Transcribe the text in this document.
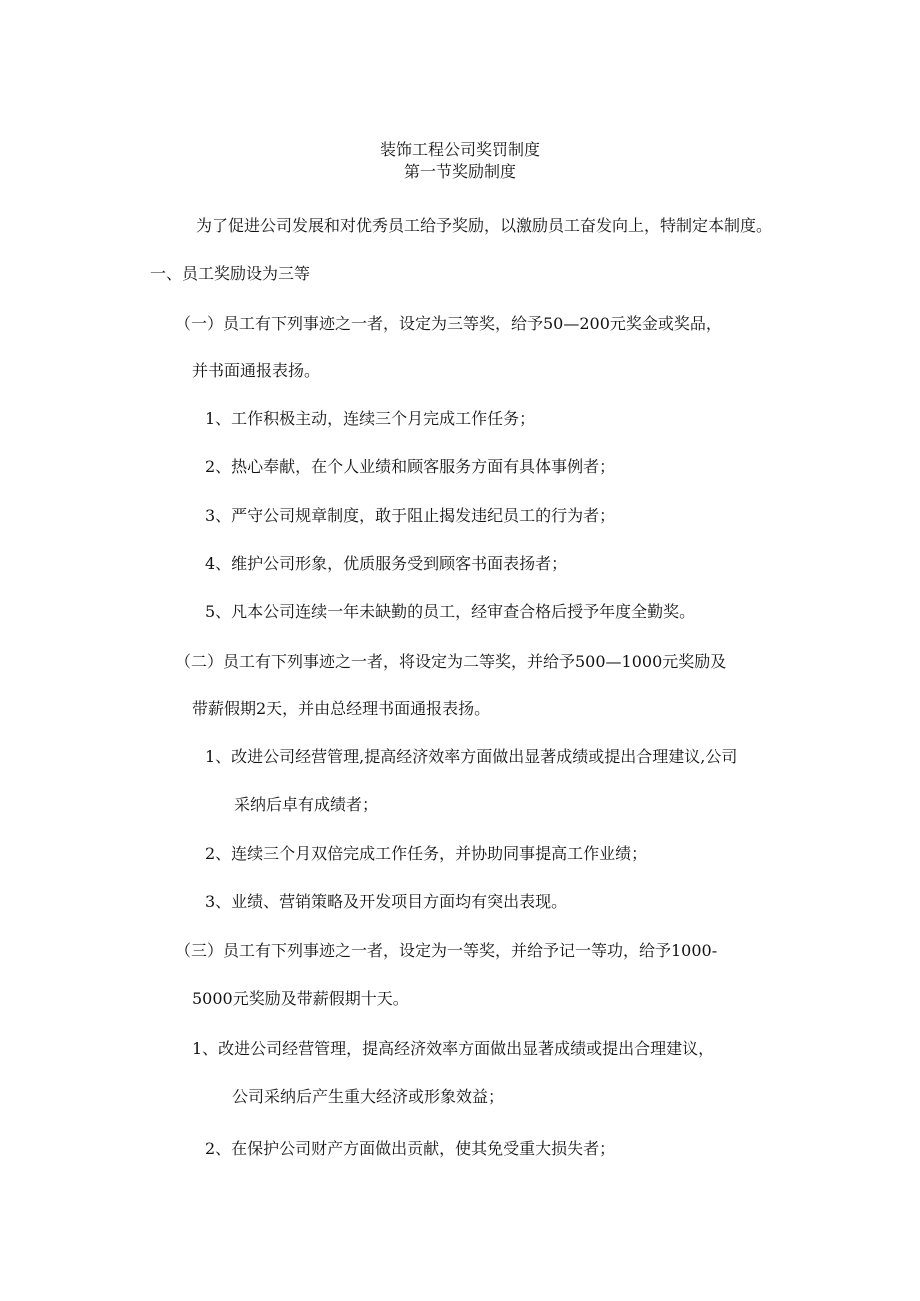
装饰工程公司奖罚制度
第一节奖励制度
为了促进公司发展和对优秀员工给予奖励，以激励员工奋发向上，特制定本制度。
一、员工奖励设为三等
（一）员工有下列事迹之一者，设定为三等奖，给予50—200元奖金或奖品，
并书面通报表扬。
1、工作积极主动，连续三个月完成工作任务；
2、热心奉献，在个人业绩和顾客服务方面有具体事例者；
3、严守公司规章制度，敢于阻止揭发违纪员工的行为者；
4、维护公司形象，优质服务受到顾客书面表扬者；
5、凡本公司连续一年未缺勤的员工，经审查合格后授予年度全勤奖。
（二）员工有下列事迹之一者，将设定为二等奖，并给予500—1000元奖励及
带薪假期2天，并由总经理书面通报表扬。
1、改进公司经营管理,提高经济效率方面做出显著成绩或提出合理建议,公司
采纳后卓有成绩者；
2、连续三个月双倍完成工作任务，并协助同事提高工作业绩；
3、业绩、营销策略及开发项目方面均有突出表现。
（三）员工有下列事迹之一者，设定为一等奖，并给予记一等功，给予1000-
5000元奖励及带薪假期十天。
1、改进公司经营管理，提高经济效率方面做出显著成绩或提出合理建议，
公司采纳后产生重大经济或形象效益；
2、在保护公司财产方面做出贡献，使其免受重大损失者；
